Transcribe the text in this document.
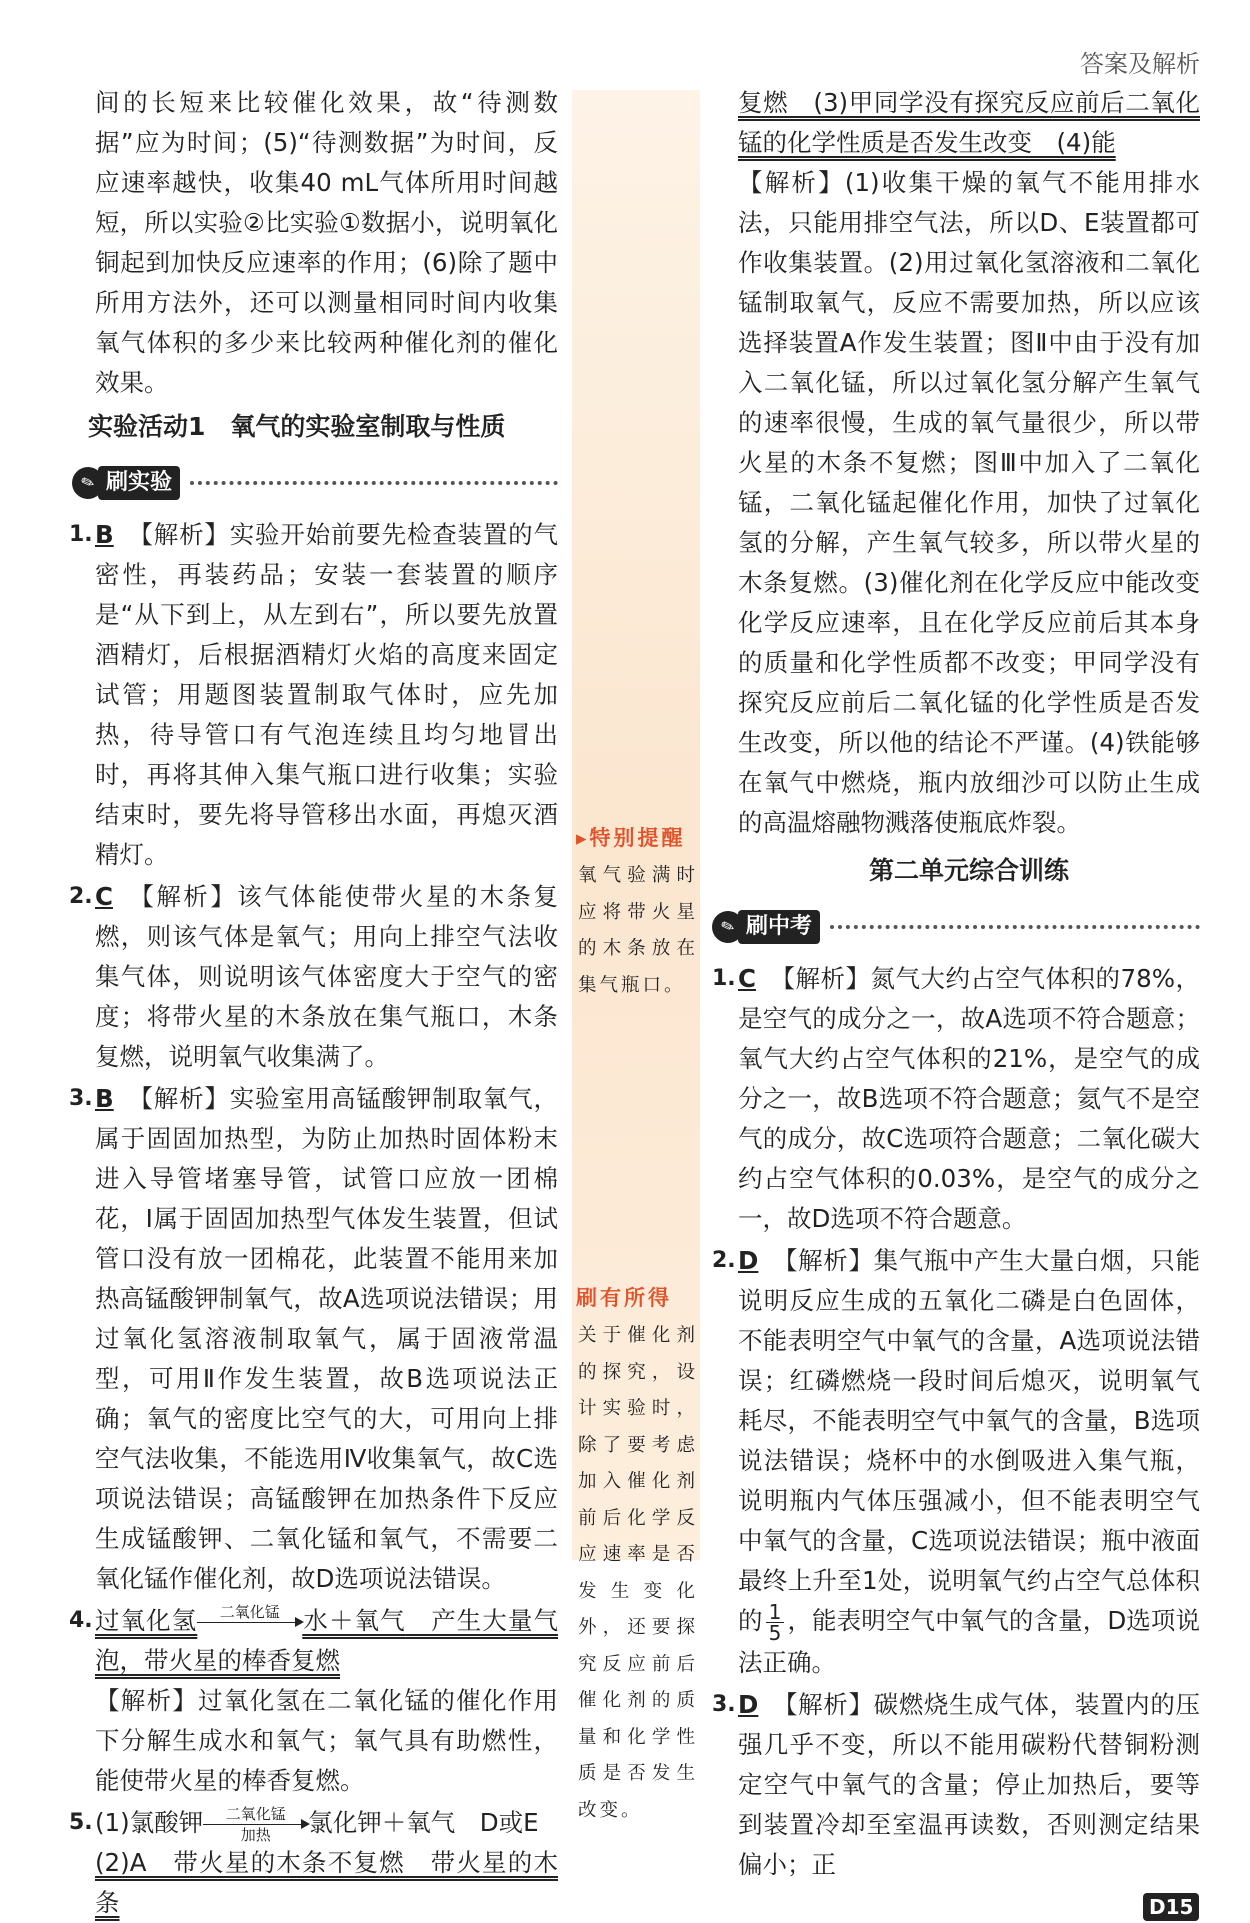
答案及解析
间的长短来比较催化效果，故“待测数据”应为时间；(5)“待测数据”为时间，反应速率越快，收集40 mL气体所用时间越短，所以实验②比实验①数据小，说明氧化铜起到加快反应速率的作用；(6)除了题中所用方法外，还可以测量相同时间内收集氧气体积的多少来比较两种催化剂的催化效果。
实验活动1　氧气的实验室制取与性质
✎ 刷实验
1. B 【解析】实验开始前要先检查装置的气密性，再装药品；安装一套装置的顺序是“从下到上，从左到右”，所以要先放置酒精灯，后根据酒精灯火焰的高度来固定试管；用题图装置制取气体时，应先加热，待导管口有气泡连续且均匀地冒出时，再将其伸入集气瓶口进行收集；实验结束时，要先将导管移出水面，再熄灭酒精灯。
2. C 【解析】该气体能使带火星的木条复燃，则该气体是氧气；用向上排空气法收集气体，则说明该气体密度大于空气的密度；将带火星的木条放在集气瓶口，木条复燃，说明氧气收集满了。
3. B 【解析】实验室用高锰酸钾制取氧气，属于固固加热型，为防止加热时固体粉末进入导管堵塞导管，试管口应放一团棉花，Ⅰ属于固固加热型气体发生装置，但试管口没有放一团棉花，此装置不能用来加热高锰酸钾制氧气，故A选项说法错误；用过氧化氢溶液制取氧气，属于固液常温型，可用Ⅱ作发生装置，故B选项说法正确；氧气的密度比空气的大，可用向上排空气法收集，不能选用Ⅳ收集氧气，故C选项说法错误；高锰酸钾在加热条件下反应生成锰酸钾、二氧化锰和氧气，不需要二氧化锰作催化剂，故D选项说法错误。
4. 过氧化氢 二氧化锰 水＋氧气　产生大量气泡，带火星的棒香复燃
【解析】过氧化氢在二氧化锰的催化作用下分解生成水和氧气；氧气具有助燃性，能使带火星的棒香复燃。
5. (1)氯酸钾 二氧化锰
加热 氯化钾＋氧气　D或E
(2)A　带火星的木条不复燃　带火星的木条
▸特别提醒
氧气验满时应将带火星的木条放在集气瓶口。
刷有所得
关于催化剂的探究，设计实验时，除了要考虑加入催化剂前后化学反应速率是否发生变化外，还要探究反应前后催化剂的质量和化学性质是否发生改变。
复燃　(3)甲同学没有探究反应前后二氧化锰的化学性质是否发生改变　(4)能
【解析】(1)收集干燥的氧气不能用排水法，只能用排空气法，所以D、E装置都可作收集装置。(2)用过氧化氢溶液和二氧化锰制取氧气，反应不需要加热，所以应该选择装置A作发生装置；图Ⅱ中由于没有加入二氧化锰，所以过氧化氢分解产生氧气的速率很慢，生成的氧气量很少，所以带火星的木条不复燃；图Ⅲ中加入了二氧化锰，二氧化锰起催化作用，加快了过氧化氢的分解，产生氧气较多，所以带火星的木条复燃。(3)催化剂在化学反应中能改变化学反应速率，且在化学反应前后其本身的质量和化学性质都不改变；甲同学没有探究反应前后二氧化锰的化学性质是否发生改变，所以他的结论不严谨。(4)铁能够在氧气中燃烧，瓶内放细沙可以防止生成的高温熔融物溅落使瓶底炸裂。
第二单元综合训练
✎ 刷中考
1. C 【解析】氮气大约占空气体积的78%，是空气的成分之一，故A选项不符合题意；氧气大约占空气体积的21%，是空气的成分之一，故B选项不符合题意；氦气不是空气的成分，故C选项符合题意；二氧化碳大约占空气体积的0.03%，是空气的成分之一，故D选项不符合题意。
2. D 【解析】集气瓶中产生大量白烟，只能说明反应生成的五氧化二磷是白色固体，不能表明空气中氧气的含量，A选项说法错误；红磷燃烧一段时间后熄灭，说明氧气耗尽，不能表明空气中氧气的含量，B选项说法错误；烧杯中的水倒吸进入集气瓶，说明瓶内气体压强减小，但不能表明空气中氧气的含量，C选项说法错误；瓶中液面最终上升至1处，说明氧气约占空气总体积的 $\frac{1}{5}$ ，能表明空气中氧气的含量，D选项说法正确。
3. D 【解析】碳燃烧生成气体，装置内的压强几乎不变，所以不能用碳粉代替铜粉测定空气中氧气的含量；停止加热后，要等到装置冷却至室温再读数，否则测定结果偏小；正
D15
